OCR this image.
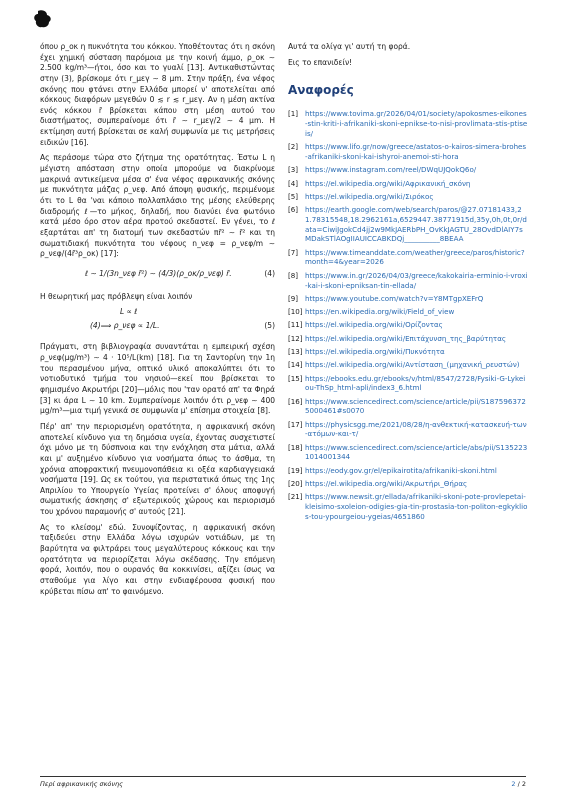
όπου ρ_οκ η πυκνότητα του κόκκου. Υποθέτοντας ότι η σκόνη έχει χημική σύσταση παρόμοια με την κοινή άμμο, ρ_οκ ∼ 2.500 kg/m³—ήτοι, όσο και το γυαλί [13]. Αντικαθιστώντας στην (3), βρίσκομε ότι r_μεγ ∼ 8 μm. Στην πράξη, ένα νέφος σκόνης που φτάνει στην Ελλάδα μπορεί ν' αποτελείται από κόκκους διαφόρων μεγεθών 0 ≲ r ≲ r_μεγ. Αν η μέση ακτίνα ενός κόκκου r̄ βρίσκεται κάπου στη μέση αυτού του διαστήματος, συμπεραίνομε ότι r̄ ∼ r_μεγ/2 ∼ 4 μm. Η εκτίμηση αυτή βρίσκεται σε καλή συμφωνία με τις μετρήσεις ειδικών [16].

Ας περάσομε τώρα στο ζήτημα της ορατότητας. Έστω L η μέγιστη απόσταση στην οποία μπορούμε να διακρίνομε μακρινά αντικείμενα μέσα σ' ένα νέφος αφρικανικής σκόνης με πυκνότητα μάζας ρ_νεφ. Από άποψη φυσικής, περιμένομε ότι το L θα 'ναι κάποιο πολλαπλάσιο της μέσης ελεύθερης διαδρομής ℓ—το μήκος, δηλαδή, που διανύει ένα φωτόνιο κατά μέσο όρο στον αέρα προτού σκεδαστεί. Εν γένει, το ℓ εξαρτάται απ' τη διατομή των σκεδαστών πr̄² ∼ r̄² και τη σωματιδιακή πυκνότητα του νέφους n_νεφ = ρ_νεφ/m ∼ ρ_νεφ/(4r̄³ρ_οκ) [17]:

ℓ ∼ 1/(3n_νεφ r̄²) ∼ (4/3)(ρ_οκ/ρ_νεφ) r̄.	(4)

Η θεωρητική μας πρόβλεψη είναι λοιπόν

L ∝ ℓ
(4)⟹ ρ_νεφ ∝ 1/L.	(5)

Πράγματι, στη βιβλιογραφία συναντάται η εμπειρική σχέση ρ_νεφ(μg/m³) ∼ 4 · 10⁵/L(km) [18]. Για τη Σαντορίνη την 1η του περασμένου μήνα, οπτικό υλικό αποκαλύπτει ότι το νοτιοδυτικό τμήμα του νησιού—εκεί που βρίσκεται το φημισμένο Ακρωτήρι [20]—μόλις που 'ταν ορατό απ' τα Φηρά [3] κι άρα L ∼ 10 km. Συμπεραίνομε λοιπόν ότι ρ_νεφ ∼ 400 μg/m³—μια τιμή γενικά σε συμφωνία μ' επίσημα στοιχεία [8].

Πέρ' απ' την περιορισμένη ορατότητα, η αφρικανική σκόνη αποτελεί κίνδυνο για τη δημόσια υγεία, έχοντας συσχετιστεί όχι μόνο με τη δύσπνοια και την ενόχληση στα μάτια, αλλά και μ' αυξημένο κίνδυνο για νοσήματα όπως το άσθμα, τη χρόνια αποφρακτική πνευμονοπάθεια κι οξέα καρδιαγγειακά νοσήματα [19]. Ως εκ τούτου, για περιστατικά όπως της 1ης Απριλίου το Υπουργείο Υγείας προτείνει σ' όλους αποφυγή σωματικής άσκησης σ' εξωτερικούς χώρους και περιορισμό του χρόνου παραμονής σ' αυτούς [21].

Ας το κλείσομ' εδώ. Συνοψίζοντας, η αφρικανική σκόνη ταξιδεύει στην Ελλάδα λόγω ισχυρών νοτιάδων, με τη βαρύτητα να φιλτράρει τους μεγαλύτερους κόκκους και την ορατότητα να περιορίζεται λόγω σκέδασης. Την επόμενη φορά, λοιπόν, που ο ουρανός θα κοκκινίσει, αξίζει ίσως να σταθούμε για λίγο και στην ενδιαφέρουσα φυσική που κρύβεται πίσω απ' το φαινόμενο.

Αυτά τα ολίγα γι' αυτή τη φορά.

Εις το επανιδείν!

Αναφορές
[1] https://www.tovima.gr/2026/04/01/society/apokosmes-eikones-stin-kriti-i-afrikaniki-skoni-epnikse-to-nisi-provlimata-stis-ptiseis/
[2] https://www.lifo.gr/now/greece/astatos-o-kairos-simera-brohes-afrikaniki-skoni-kai-ishyroi-anemoi-sti-hora
[3] https://www.instagram.com/reel/DWqUJQokQ6o/
[4] https://el.wikipedia.org/wiki/Αφρικανική_σκόνη
[5] https://el.wikipedia.org/wiki/Σιρόκος
[6] https://earth.google.com/web/search/paros/@27.07181433,21.78315548,18.2962161a,6529447.38771915d,35y,0h,0t,0r/data=CiwiJgokCd4jj2w9MkJAERbPH_OvKkJAGTU_28OvdDlAIY7sMDakSTlAOgIIAUICCABKDQj__________8BEAA
[7] https://www.timeanddate.com/weather/greece/paros/historic?month=4&year=2026
[8] https://www.in.gr/2026/04/03/greece/kakokairia-erminio-i-vroxi-kai-i-skoni-epniksan-tin-ellada/
[9] https://www.youtube.com/watch?v=Y8MTgpXEFrQ
[10] https://en.wikipedia.org/wiki/Field_of_view
[11] https://el.wikipedia.org/wiki/Ορίζοντας
[12] https://el.wikipedia.org/wiki/Επιτάχυνση_της_βαρύτητας
[13] https://el.wikipedia.org/wiki/Πυκνότητα
[14] https://el.wikipedia.org/wiki/Αντίσταση_(μηχανική_ρευστών)
[15] https://ebooks.edu.gr/ebooks/v/html/8547/2728/Fysiki-G-Lykeiou-ThSp_html-apli/index3_6.html
[16] https://www.sciencedirect.com/science/article/pii/S1875963725000461#s0070
[17] https://physicsgg.me/2021/08/28/η-ανθεκτική-κατασκευή-των-ατόμων-και-τ/
[18] https://www.sciencedirect.com/science/article/abs/pii/S1352231014001344
[19] https://eody.gov.gr/el/epikairotita/afrikaniki-skoni.html
[20] https://el.wikipedia.org/wiki/Ακρωτήρι_Θήρας
[21] https://www.newsit.gr/ellada/afrikaniki-skoni-pote-provlepetai-kleisimo-sxoleion-odigies-gia-tin-prostasia-ton-politon-egkyklios-tou-ypourgeiou-ygeias/4651860
Περί αφρικανικής σκόνης	2 / 2
